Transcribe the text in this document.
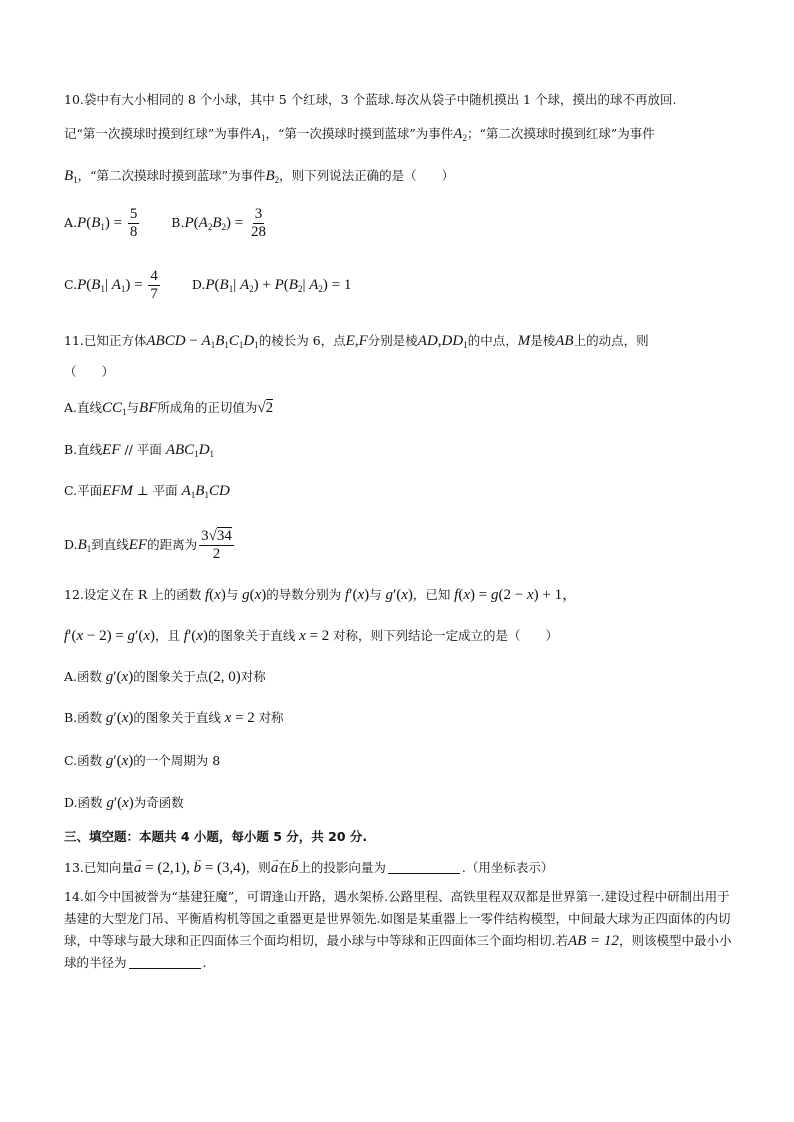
10.袋中有大小相同的 8 个小球，其中 5 个红球，3 个蓝球.每次从袋子中随机摸出 1 个球，摸出的球不再放回.
记“第一次摸球时摸到红球”为事件$A_1$，“第一次摸球时摸到蓝球”为事件$A_2$；“第二次摸球时摸到红球”为事件
$B_1$，“第二次摸球时摸到蓝球”为事件$B_2$，则下列说法正确的是（　　）
$A.P(B_1) = \frac{5}{8}$	$B.P(A_2B_2) = \frac{3}{28}$
$C.P(B_1|$ $A_1) = \frac{4}{7}$	$D.P(B_1|$ $A_2) + P(B_2|$ $A_2) = 1$
11.已知正方体ABCD − $A_1B_1C_1D_1$的棱长为 6，点E,F分别是棱$AD,DD_1$的中点，M是棱AB上的动点，则
（　　）
A.直线$CC_1$与BF所成角的正切值为√2
B.直线EF // 平面 $ABC_1D_1$
C.平面EFM ⊥ 平面 $A_1B_1CD$
$D.B_1$到直线EF的距离为 $\frac{3√34}{2}$
12.设定义在 R 上的函数 f(x)与 g(x)的导数分别为 f′(x)与 g′(x)，已知 f(x) = g(2 − x) + 1，
f′(x − 2) = g′(x)，且 f′(x)的图象关于直线 x = 2 对称，则下列结论一定成立的是（　　）
A.函数 g′(x)的图象关于点(2, 0)对称
B.函数 g′(x)的图象关于直线 x = 2 对称
C.函数 g′(x)的一个周期为 8
D.函数 g′(x)为奇函数
三、填空题：本题共 4 小题，每小题 5 分，共 20 分.
13.已知向量→ a = (2,1), → b = (3,4)，则→ a在→ b上的投影向量为	.（用坐标表示）
14.如今中国被誉为“基建狂魔”，可谓逢山开路，遇水架桥.公路里程、高铁里程双双都是世界第一.建设过程中研制出用于基建的大型龙门吊、平衡盾构机等国之重器更是世界领先.如图是某重器上一零件结构模型，中间最大球为正四面体的内切球，中等球与最大球和正四面体三个面均相切，最小球与中等球和正四面体三个面均相切.若AB = 12，则该模型中最小小球的半径为	.
